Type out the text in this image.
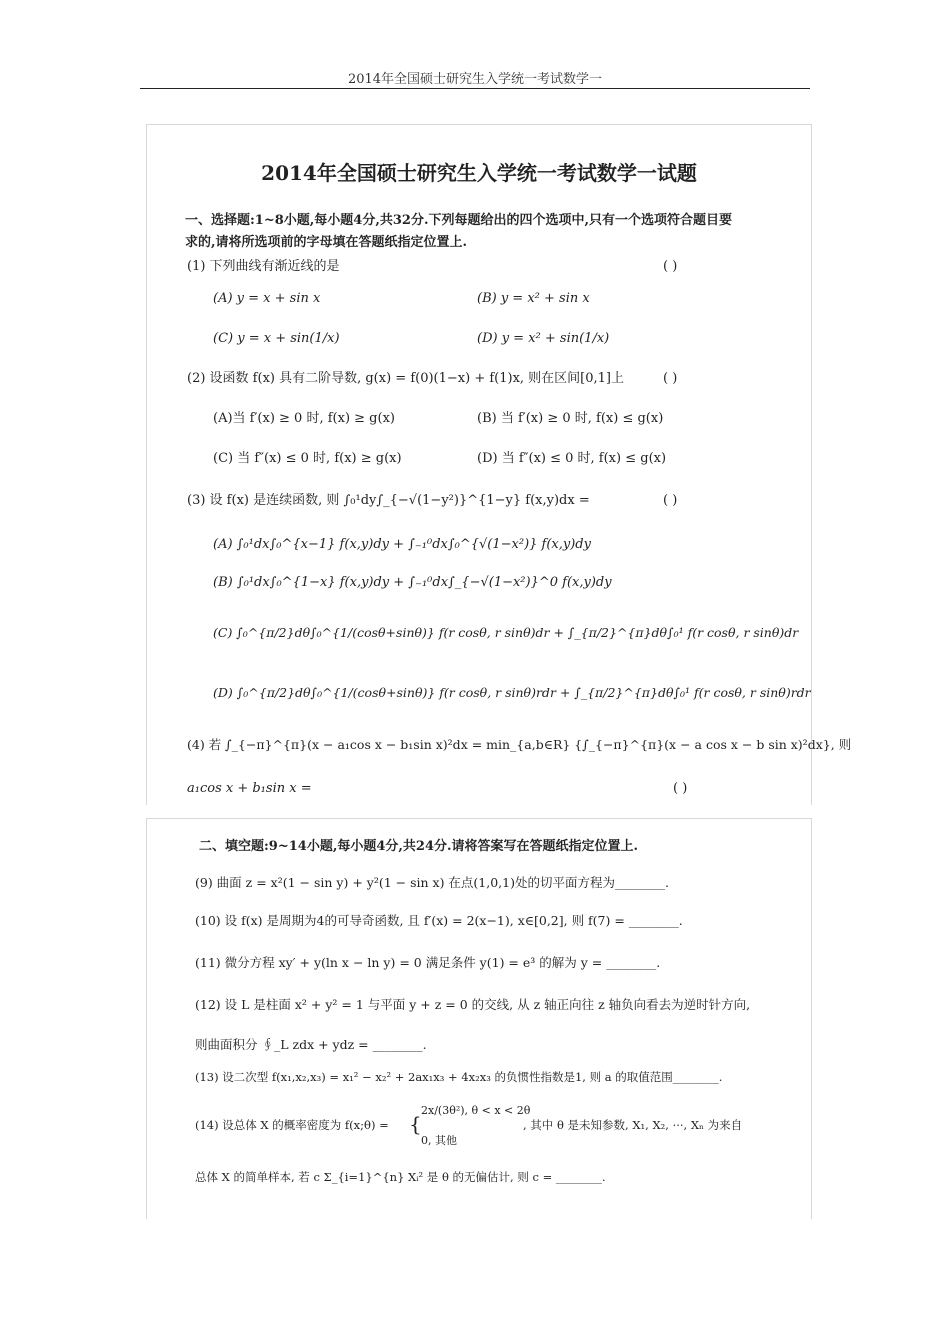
2014年全国硕士研究生入学统一考试数学一
2014年全国硕士研究生入学统一考试数学一试题
一、选择题:1~8小题,每小题4分,共32分.下列每题给出的四个选项中,只有一个选项符合题目要
求的,请将所选项前的字母填在答题纸指定位置上.
(1) 下列曲线有渐近线的是	( )
(A) y = x + sin x	(B) y = x² + sin x
(C) y = x + sin(1/x)	(D) y = x² + sin(1/x)
(2) 设函数 f(x) 具有二阶导数, g(x) = f(0)(1−x) + f(1)x, 则在区间[0,1]上	( )
(A)当 f′(x) ≥ 0 时, f(x) ≥ g(x)	(B) 当 f′(x) ≥ 0 时, f(x) ≤ g(x)
(C) 当 f″(x) ≤ 0 时, f(x) ≥ g(x)	(D) 当 f″(x) ≤ 0 时, f(x) ≤ g(x)
(3) 设 f(x) 是连续函数, 则 ∫₀¹dy∫_{−√(1−y²)}^{1−y} f(x,y)dx =	( )
(A) ∫₀¹dx∫₀^{x−1} f(x,y)dy + ∫₋₁⁰dx∫₀^{√(1−x²)} f(x,y)dy
(B) ∫₀¹dx∫₀^{1−x} f(x,y)dy + ∫₋₁⁰dx∫_{−√(1−x²)}^0 f(x,y)dy
(C) ∫₀^{π/2}dθ∫₀^{1/(cosθ+sinθ)} f(r cosθ, r sinθ)dr + ∫_{π/2}^{π}dθ∫₀¹ f(r cosθ, r sinθ)dr
(D) ∫₀^{π/2}dθ∫₀^{1/(cosθ+sinθ)} f(r cosθ, r sinθ)rdr + ∫_{π/2}^{π}dθ∫₀¹ f(r cosθ, r sinθ)rdr
(4) 若 ∫_{−π}^{π}(x − a₁cos x − b₁sin x)²dx = min_{a,b∈R} {∫_{−π}^{π}(x − a cos x − b sin x)²dx}, 则
a₁cos x + b₁sin x =	( )
二、填空题:9~14小题,每小题4分,共24分.请将答案写在答题纸指定位置上.
(9) 曲面 z = x²(1 − sin y) + y²(1 − sin x) 在点(1,0,1)处的切平面方程为________.
(10) 设 f(x) 是周期为4的可导奇函数, 且 f′(x) = 2(x−1), x∈[0,2], 则 f(7) = ________.
(11) 微分方程 xy′ + y(ln x − ln y) = 0 满足条件 y(1) = e³ 的解为 y = ________.
(12) 设 L 是柱面 x² + y² = 1 与平面 y + z = 0 的交线, 从 z 轴正向往 z 轴负向看去为逆时针方向,
则曲面积分 ∮_L zdx + ydz = ________.
(13) 设二次型 f(x₁,x₂,x₃) = x₁² − x₂² + 2ax₁x₃ + 4x₂x₃ 的负惯性指数是1, 则 a 的取值范围________.
(14) 设总体 X 的概率密度为 f(x;θ) = {
2x/(3θ²), θ < x < 2θ
0, 其他
, 其中 θ 是未知参数, X₁, X₂, ···, Xₙ 为来自
总体 X 的简单样本, 若 c Σ_{i=1}^{n} Xᵢ² 是 θ 的无偏估计, 则 c = ________.
